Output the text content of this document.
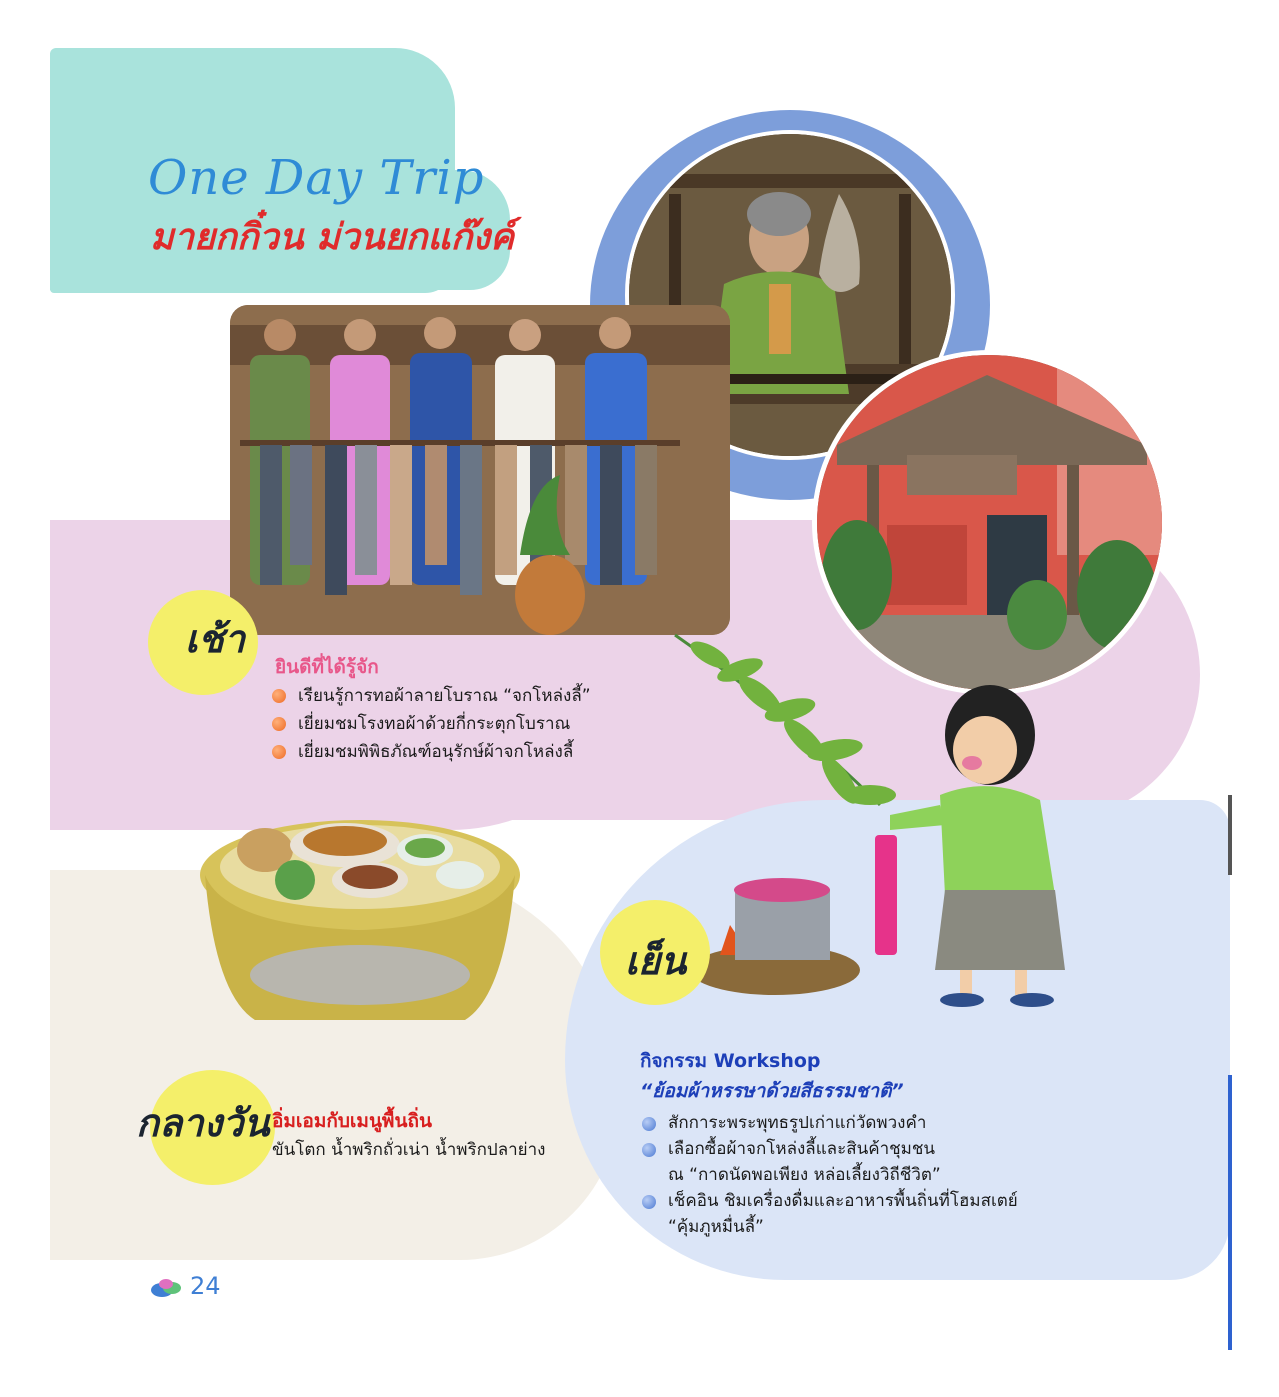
One Day Trip
มายกกิ๋วน ม่วนยกแก๊งค์
เช้า
ยินดีที่ได้รู้จัก
เรียนรู้การทอผ้าลายโบราณ “จกโหล่งลี้”
เยี่ยมชมโรงทอผ้าด้วยกี่กระตุกโบราณ
เยี่ยมชมพิพิธภัณฑ์อนุรักษ์ผ้าจกโหล่งลี้
กลางวัน อิ่มเอมกับเมนูพื้นถิ่น
ขันโตก น้ำพริกถั่วเน่า น้ำพริกปลาย่าง
เย็น
กิจกรรม Workshop
“ย้อมผ้าหรรษาด้วยสีธรรมชาติ”
สักการะพระพุทธรูปเก่าแก่วัดพวงคำ
เลือกซื้อผ้าจกโหล่งลี้และสินค้าชุมชน
ณ “กาดนัดพอเพียง หล่อเลี้ยงวิถีชีวิต”
เช็คอิน ชิมเครื่องดื่มและอาหารพื้นถิ่นที่โฮมสเตย์
“คุ้มภูหมื่นลี้”
24
